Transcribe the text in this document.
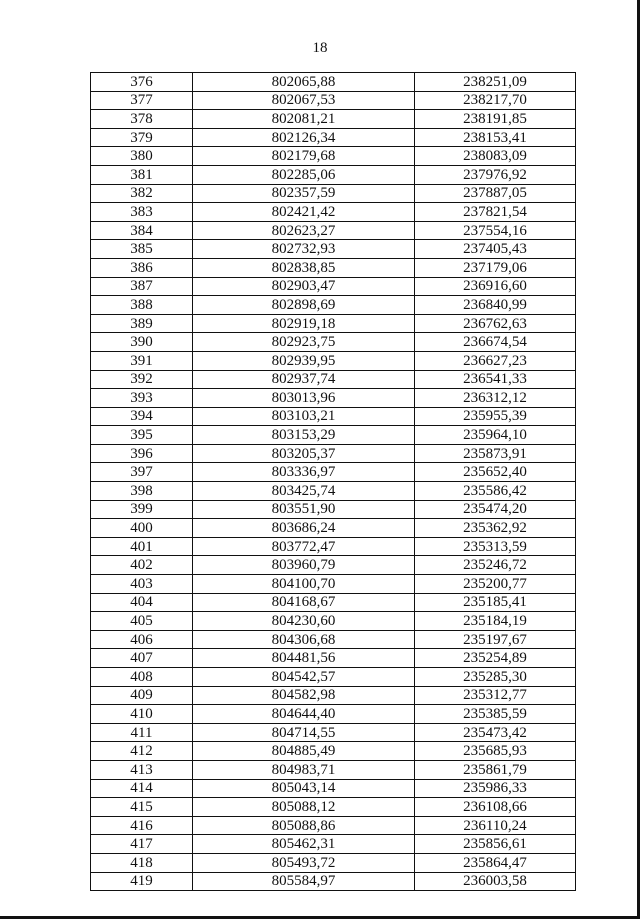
18
376	802065,88	238251,09
377	802067,53	238217,70
378	802081,21	238191,85
379	802126,34	238153,41
380	802179,68	238083,09
381	802285,06	237976,92
382	802357,59	237887,05
383	802421,42	237821,54
384	802623,27	237554,16
385	802732,93	237405,43
386	802838,85	237179,06
387	802903,47	236916,60
388	802898,69	236840,99
389	802919,18	236762,63
390	802923,75	236674,54
391	802939,95	236627,23
392	802937,74	236541,33
393	803013,96	236312,12
394	803103,21	235955,39
395	803153,29	235964,10
396	803205,37	235873,91
397	803336,97	235652,40
398	803425,74	235586,42
399	803551,90	235474,20
400	803686,24	235362,92
401	803772,47	235313,59
402	803960,79	235246,72
403	804100,70	235200,77
404	804168,67	235185,41
405	804230,60	235184,19
406	804306,68	235197,67
407	804481,56	235254,89
408	804542,57	235285,30
409	804582,98	235312,77
410	804644,40	235385,59
411	804714,55	235473,42
412	804885,49	235685,93
413	804983,71	235861,79
414	805043,14	235986,33
415	805088,12	236108,66
416	805088,86	236110,24
417	805462,31	235856,61
418	805493,72	235864,47
419	805584,97	236003,58
